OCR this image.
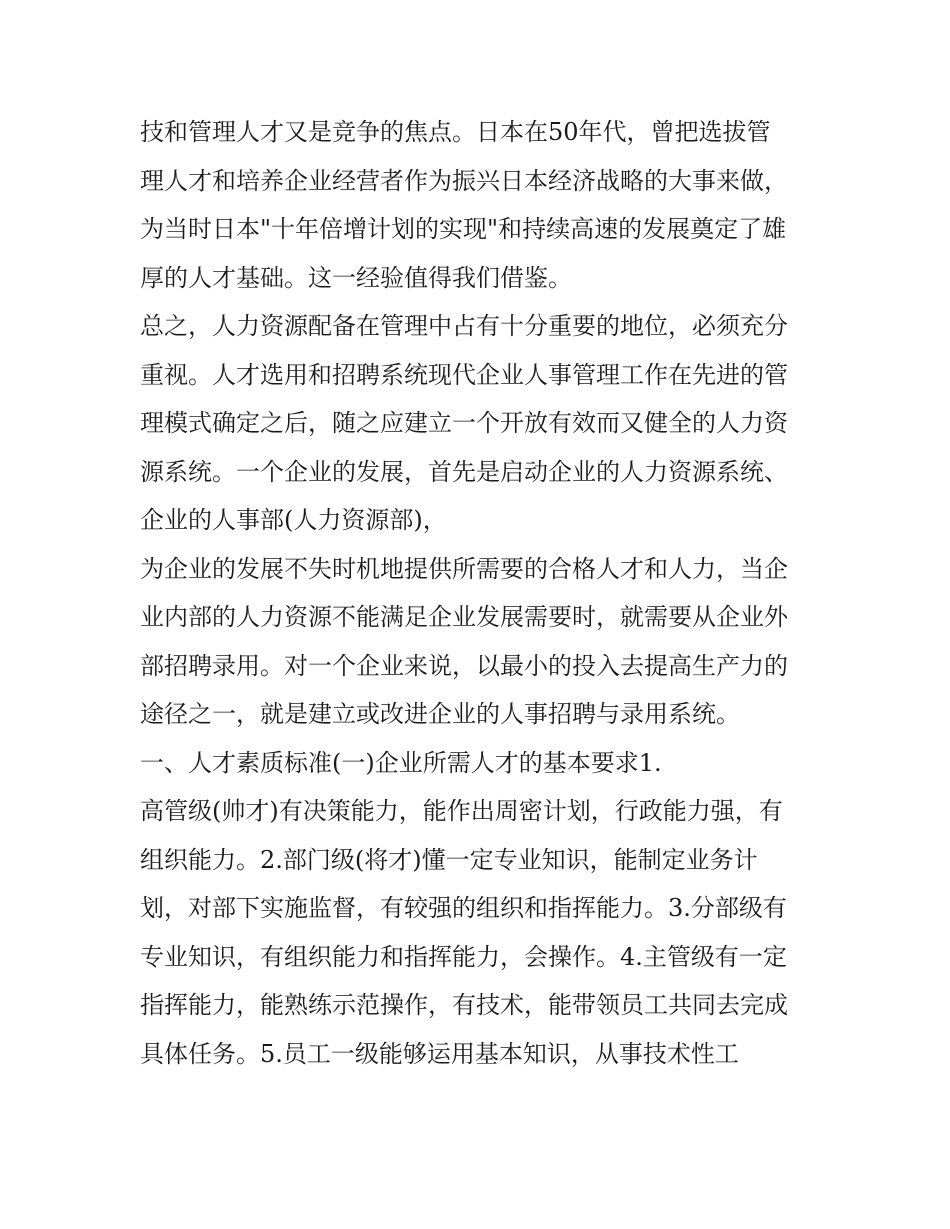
技和管理人才又是竞争的焦点。日本在50年代，曾把选拔管
理人才和培养企业经营者作为振兴日本经济战略的大事来做，
为当时日本"十年倍增计划的实现"和持续高速的发展奠定了雄
厚的人才基础。这一经验值得我们借鉴。
总之，人力资源配备在管理中占有十分重要的地位，必须充分
重视。人才选用和招聘系统现代企业人事管理工作在先进的管
理模式确定之后，随之应建立一个开放有效而又健全的人力资
源系统。一个企业的发展，首先是启动企业的人力资源系统、
企业的人事部(人力资源部)，
为企业的发展不失时机地提供所需要的合格人才和人力，当企
业内部的人力资源不能满足企业发展需要时，就需要从企业外
部招聘录用。对一个企业来说，以最小的投入去提高生产力的
途径之一，就是建立或改进企业的人事招聘与录用系统。
一、人才素质标准(一)企业所需人才的基本要求1.
高管级(帅才)有决策能力，能作出周密计划，行政能力强，有
组织能力。2.部门级(将才)懂一定专业知识，能制定业务计
划，对部下实施监督，有较强的组织和指挥能力。3.分部级有
专业知识，有组织能力和指挥能力，会操作。4.主管级有一定
指挥能力，能熟练示范操作，有技术，能带领员工共同去完成
具体任务。5.员工一级能够运用基本知识，从事技术性工
